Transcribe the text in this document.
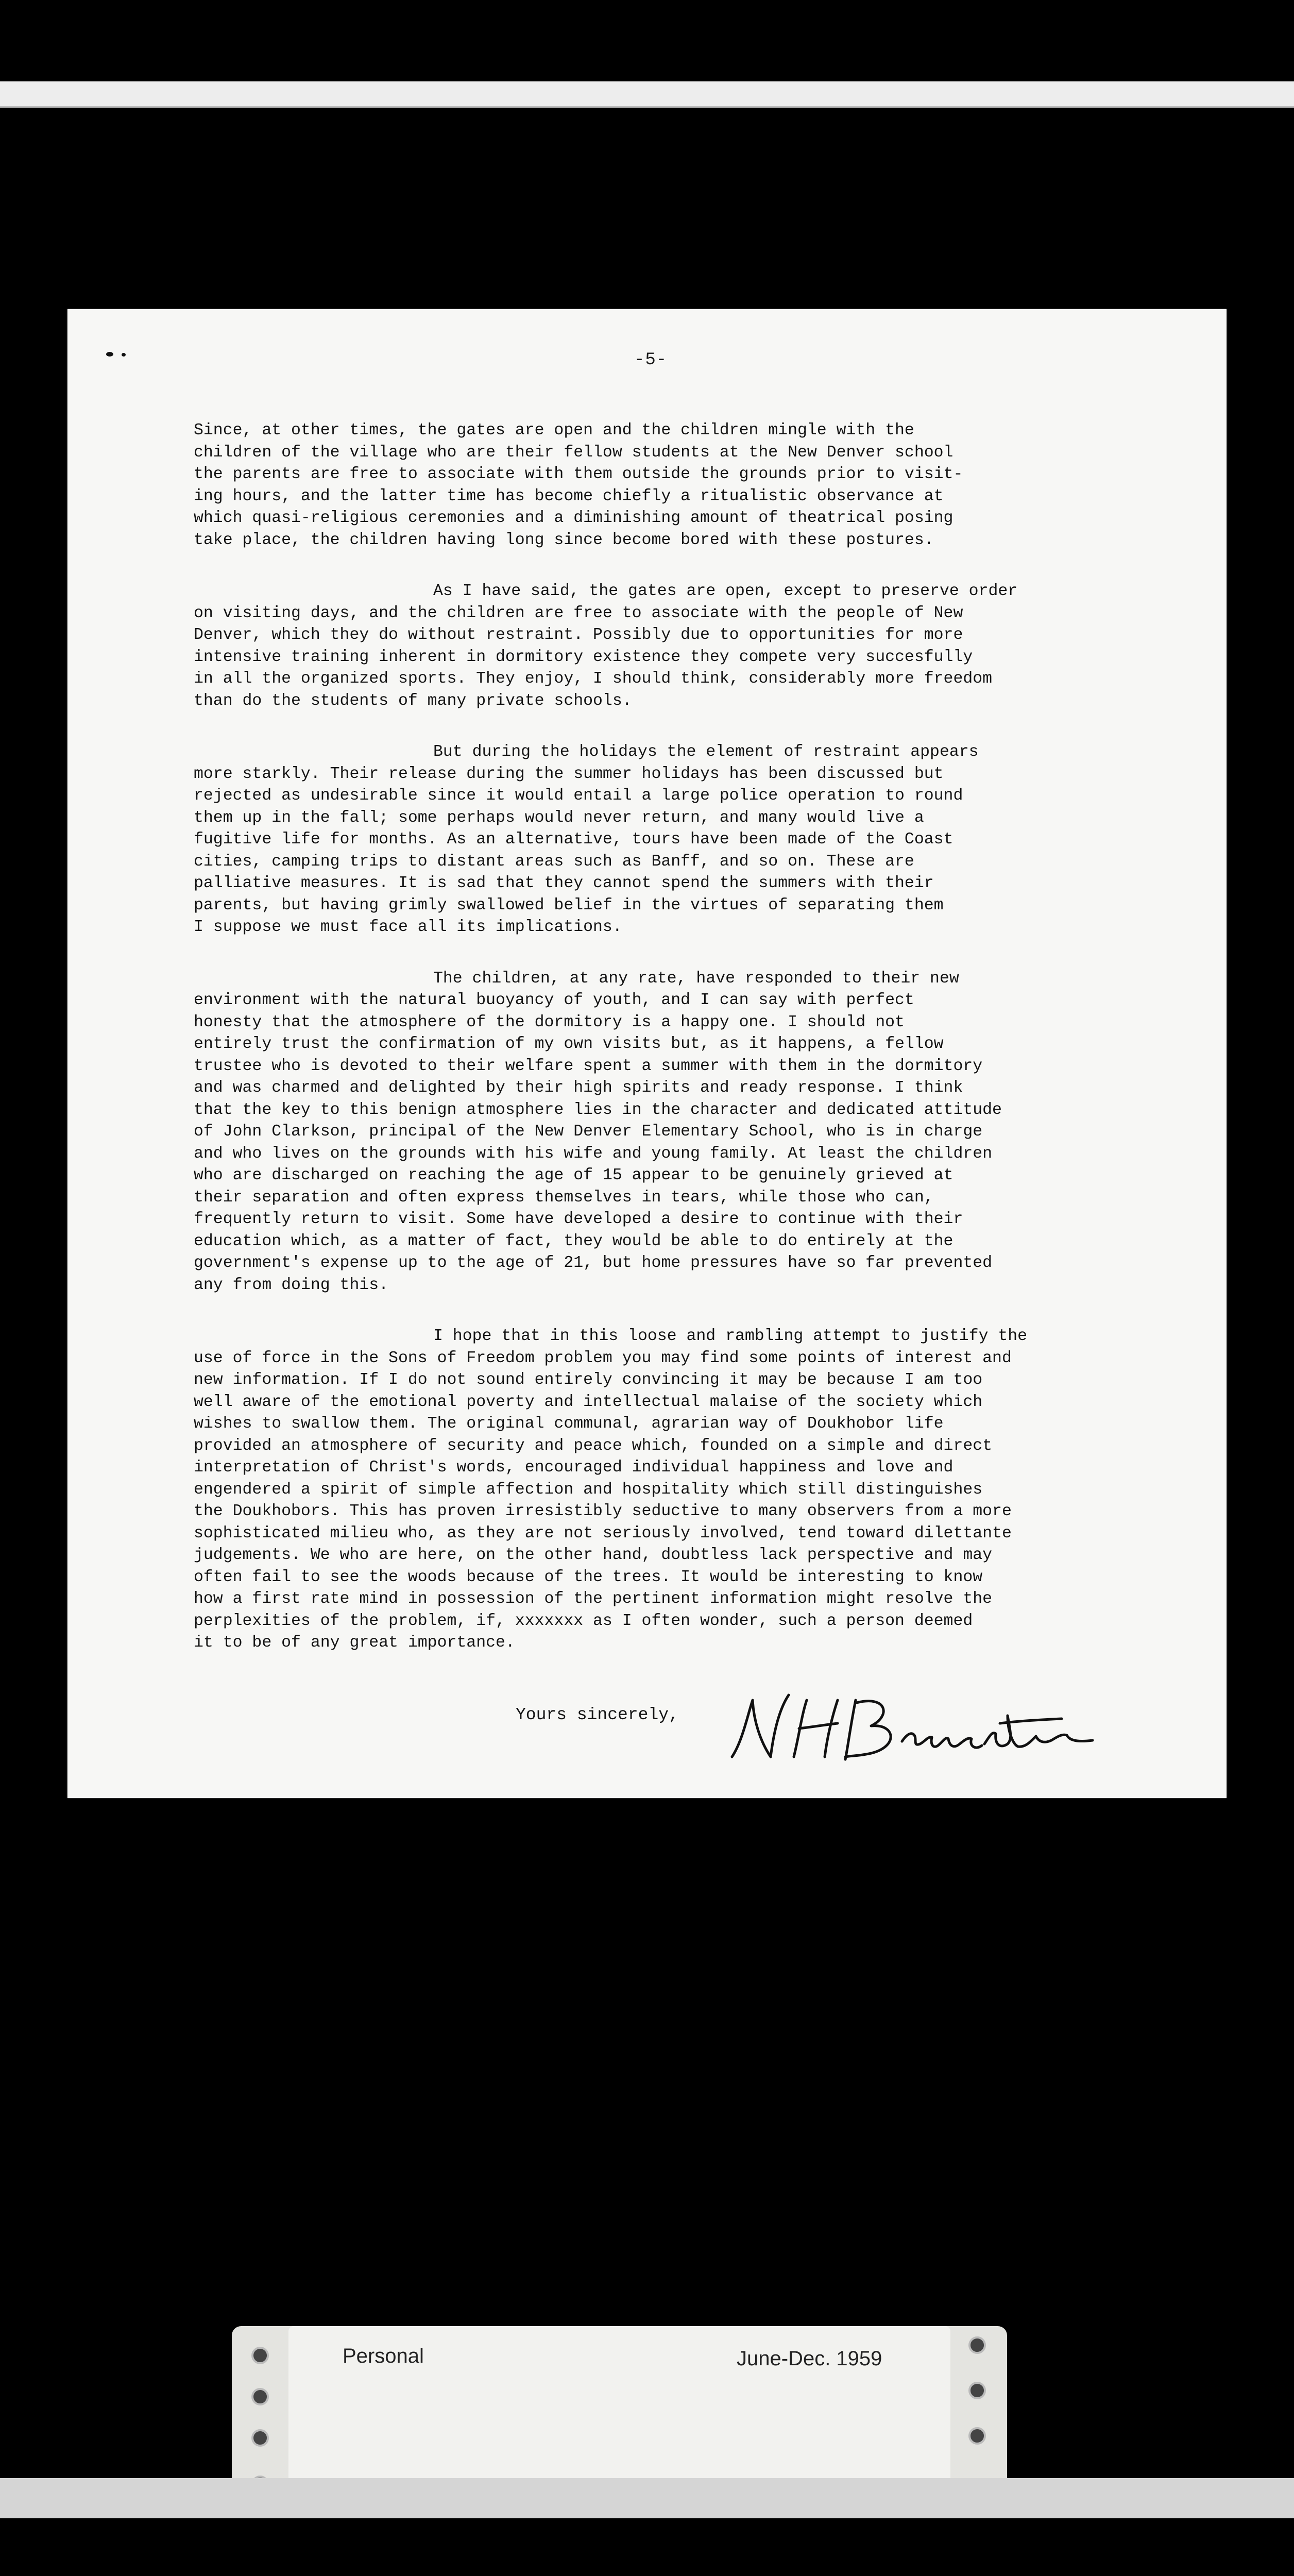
-5-

Since, at other times, the gates are open and the children mingle with the
children of the village who are their fellow students at the New Denver school
the parents are free to associate with them outside the grounds prior to visit-
ing hours, and the latter time has become chiefly a ritualistic observance at
which quasi-religious ceremonies and a diminishing amount of theatrical posing
take place, the children having long since become bored with these postures.

As I have said, the gates are open, except to preserve order
on visiting days, and the children are free to associate with the people of New
Denver, which they do without restraint. Possibly due to opportunities for more
intensive training inherent in dormitory existence they compete very succesfully
in all the organized sports. They enjoy, I should think, considerably more freedom
than do the students of many private schools.

But during the holidays the element of restraint appears
more starkly. Their release during the summer holidays has been discussed but
rejected as undesirable since it would entail a large police operation to round
them up in the fall; some perhaps would never return, and many would live a
fugitive life for months. As an alternative, tours have been made of the Coast
cities, camping trips to distant areas such as Banff, and so on. These are
palliative measures. It is sad that they cannot spend the summers with their
parents, but having grimly swallowed belief in the virtues of separating them
I suppose we must face all its implications.

The children, at any rate, have responded to their new
environment with the natural buoyancy of youth, and I can say with perfect
honesty that the atmosphere of the dormitory is a happy one. I should not
entirely trust the confirmation of my own visits but, as it happens, a fellow
trustee who is devoted to their welfare spent a summer with them in the dormitory
and was charmed and delighted by their high spirits and ready response. I think
that the key to this benign atmosphere lies in the character and dedicated attitude
of John Clarkson, principal of the New Denver Elementary School, who is in charge
and who lives on the grounds with his wife and young family. At least the children
who are discharged on reaching the age of 15 appear to be genuinely grieved at
their separation and often express themselves in tears, while those who can,
frequently return to visit. Some have developed a desire to continue with their
education which, as a matter of fact, they would be able to do entirely at the
government's expense up to the age of 21, but home pressures have so far prevented
any from doing this.

I hope that in this loose and rambling attempt to justify the
use of force in the Sons of Freedom problem you may find some points of interest and
new information. If I do not sound entirely convincing it may be because I am too
well aware of the emotional poverty and intellectual malaise of the society which
wishes to swallow them. The original communal, agrarian way of Doukhobor life
provided an atmosphere of security and peace which, founded on a simple and direct
interpretation of Christ's words, encouraged individual happiness and love and
engendered a spirit of simple affection and hospitality which still distinguishes
the Doukhobors. This has proven irresistibly seductive to many observers from a more
sophisticated milieu who, as they are not seriously involved, tend toward dilettante
judgements. We who are here, on the other hand, doubtless lack perspective and may
often fail to see the woods because of the trees. It would be interesting to know
how a first rate mind in possession of the pertinent information might resolve the
perplexities of the problem, if, xxxxxxx as I often wonder, such a person deemed
it to be of any great importance.

Yours sincerely,
Personal	June-Dec. 1959
